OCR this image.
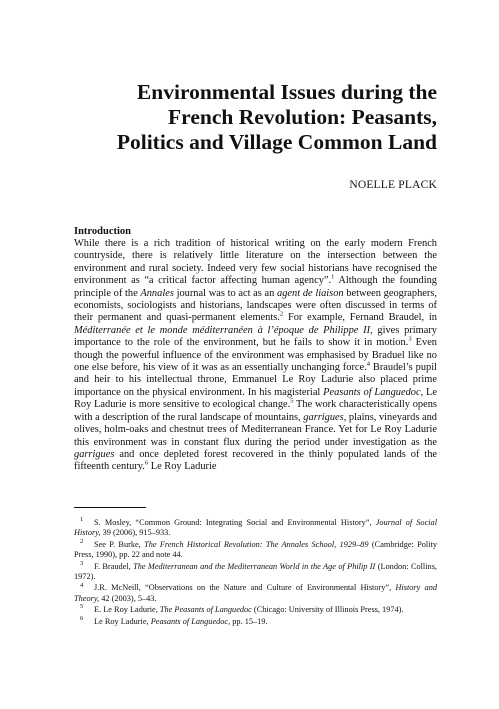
Environmental Issues during the
French Revolution: Peasants,
Politics and Village Common Land
NOELLE PLACK
Introduction

While there is a rich tradition of historical writing on the early modern French countryside, there is relatively little literature on the intersection between the environment and rural society. Indeed very few social historians have recognised the environment as “a critical factor affecting human agency”.$^1$ Although the founding principle of the Annales journal was to act as an agent de liaison between geographers, economists, sociologists and historians, landscapes were often discussed in terms of their permanent and quasi-permanent elements.$^2$ For example, Fernand Braudel, in Méditerranée et le monde méditerranéen à l’époque de Philippe II, gives primary importance to the role of the environment, but he fails to show it in motion.$^3$ Even though the powerful influence of the environment was emphasised by Braduel like no one else before, his view of it was as an essentially unchanging force.$^4$ Braudel’s pupil and heir to his intellectual throne, Emmanuel Le Roy Ladurie also placed prime importance on the physical environment. In his magisterial Peasants of Languedoc, Le Roy Ladurie is more sensitive to ecological change.$^5$ The work characteristically opens with a description of the rural landscape of mountains, garrigues, plains, vineyards and olives, holm-oaks and chestnut trees of Mediterranean France. Yet for Le Roy Ladurie this environment was in constant flux during the period under investigation as the garrigues and once depleted forest recovered in the thinly populated lands of the fifteenth century.$^6$ Le Roy Ladurie

1 S. Mosley, “Common Ground: Integrating Social and Environmental History”, Journal of Social History, 39 (2006), 915–933.

2 See P. Burke, The French Historical Revolution: The Annales School, 1929–89 (Cambridge: Polity Press, 1990), pp. 22 and note 44.

3 F. Braudel, The Mediterranean and the Mediterranean World in the Age of Philip II (London: Collins, 1972).

4 J.R. McNeill, “Observations on the Nature and Culture of Environmental History”, History and Theory, 42 (2003), 5–43.

5 E. Le Roy Ladurie, The Peasants of Languedoc (Chicago: University of Illinois Press, 1974).

6 Le Roy Ladurie, Peasants of Languedoc, pp. 15–19.
